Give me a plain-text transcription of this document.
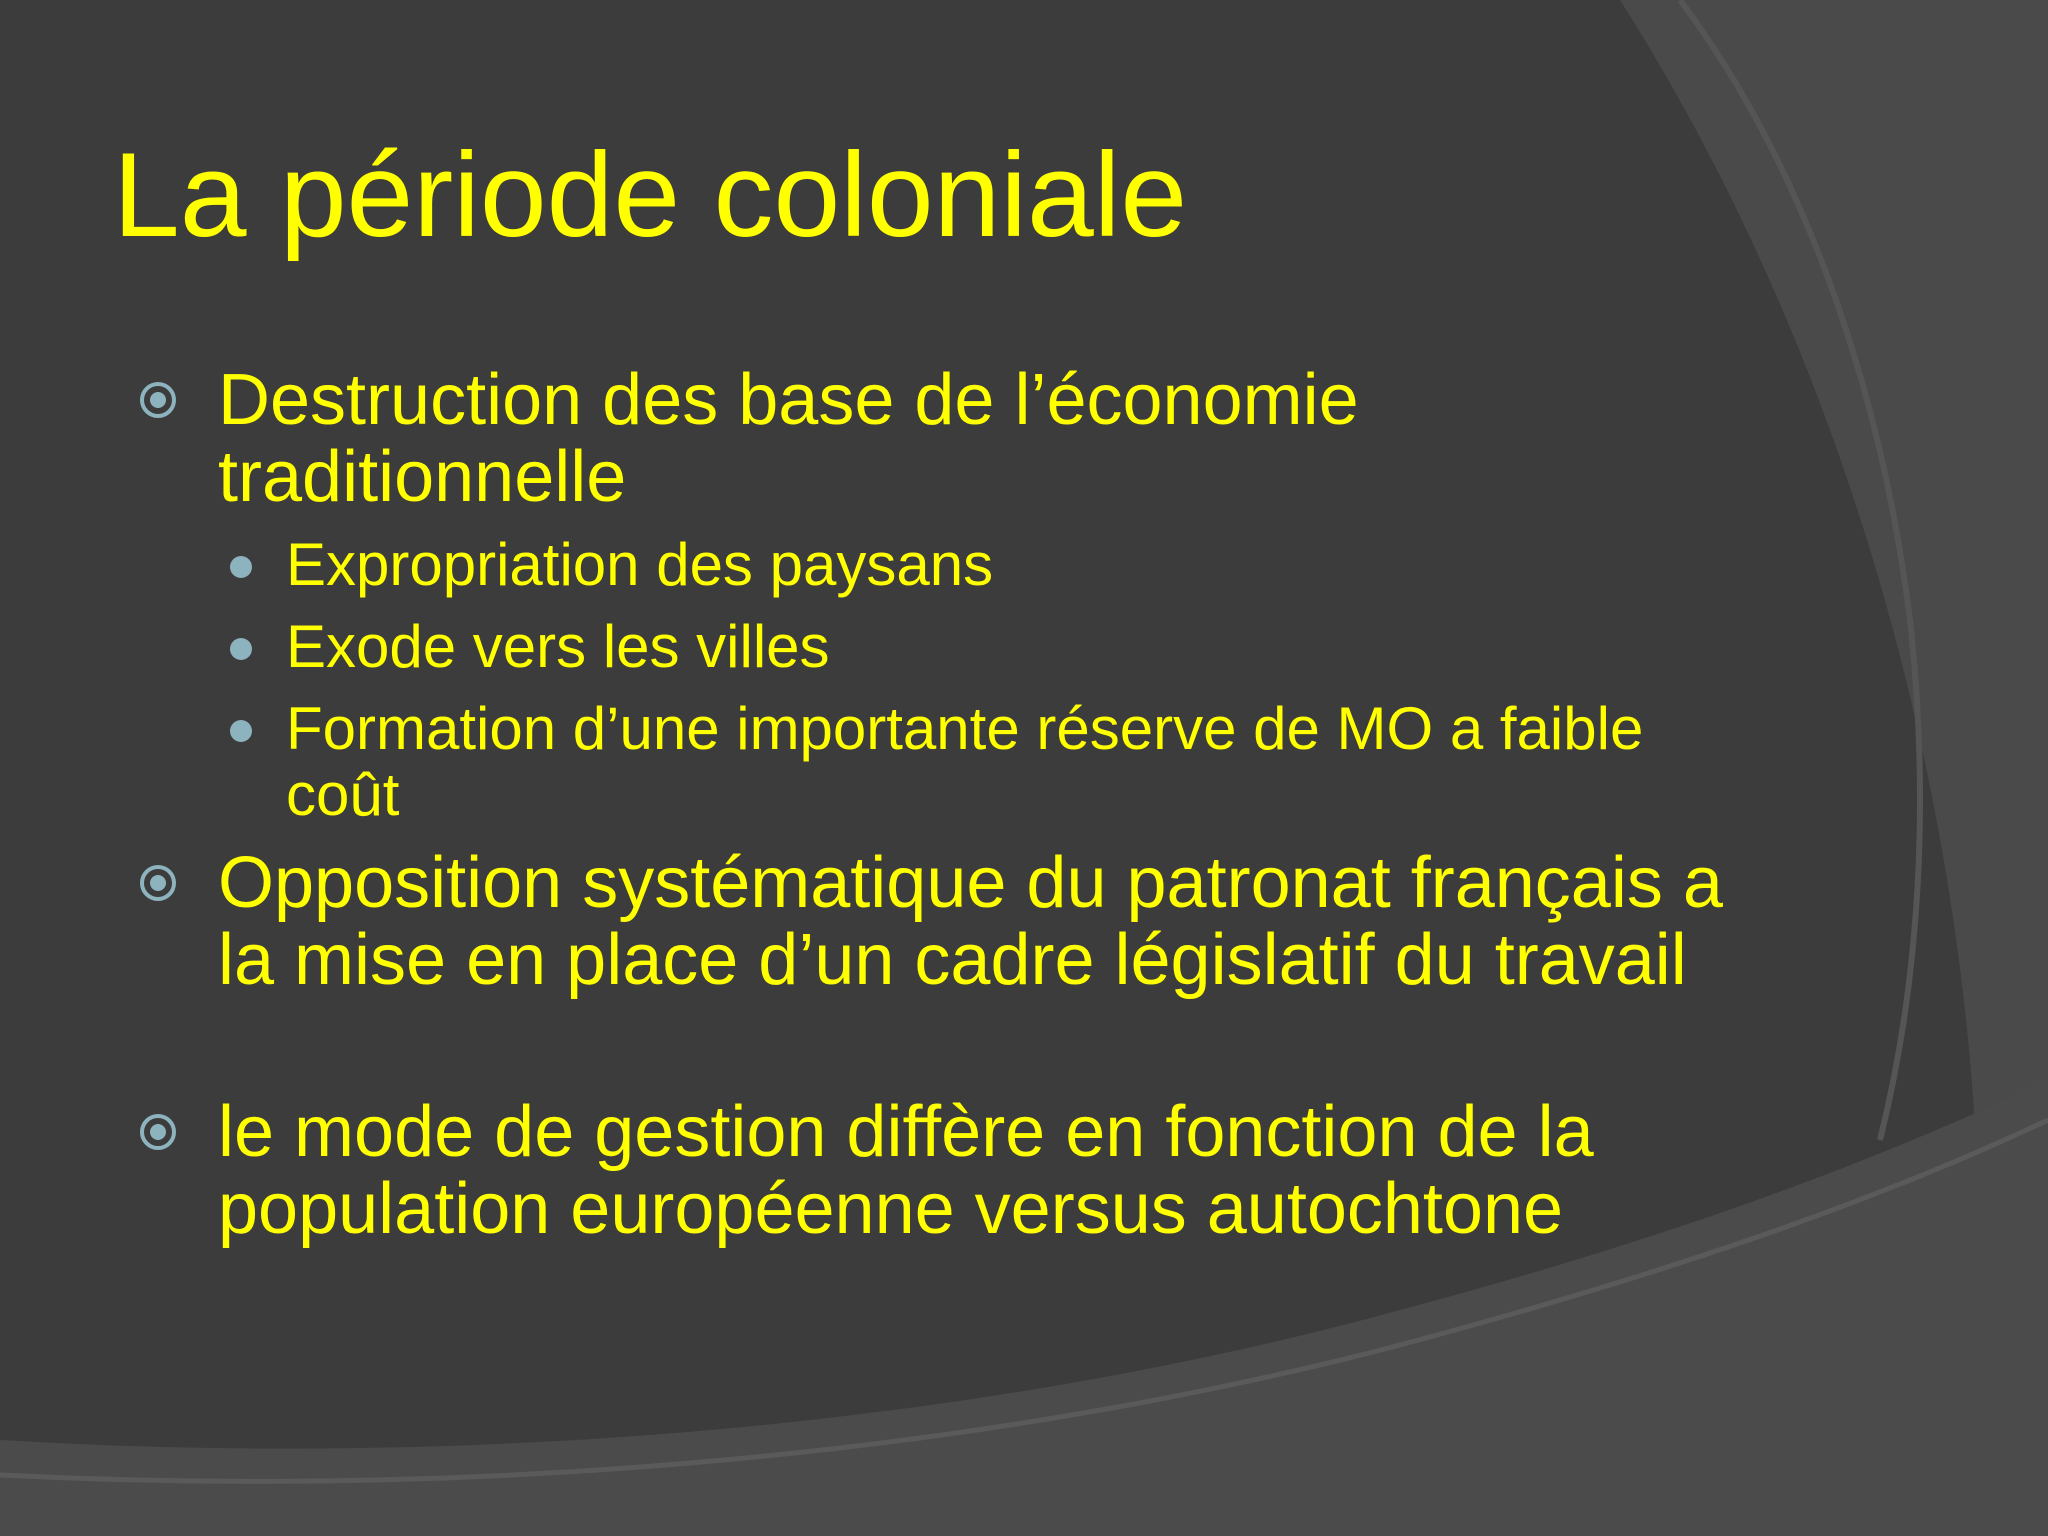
La période coloniale
Destruction des base de l’économie traditionnelle
Expropriation des paysans
Exode vers les villes
Formation d’une importante réserve de MO a faible coût
Opposition systématique du patronat français a la mise en place d’un cadre législatif du travail
le mode de gestion diffère en fonction de la population européenne versus autochtone
